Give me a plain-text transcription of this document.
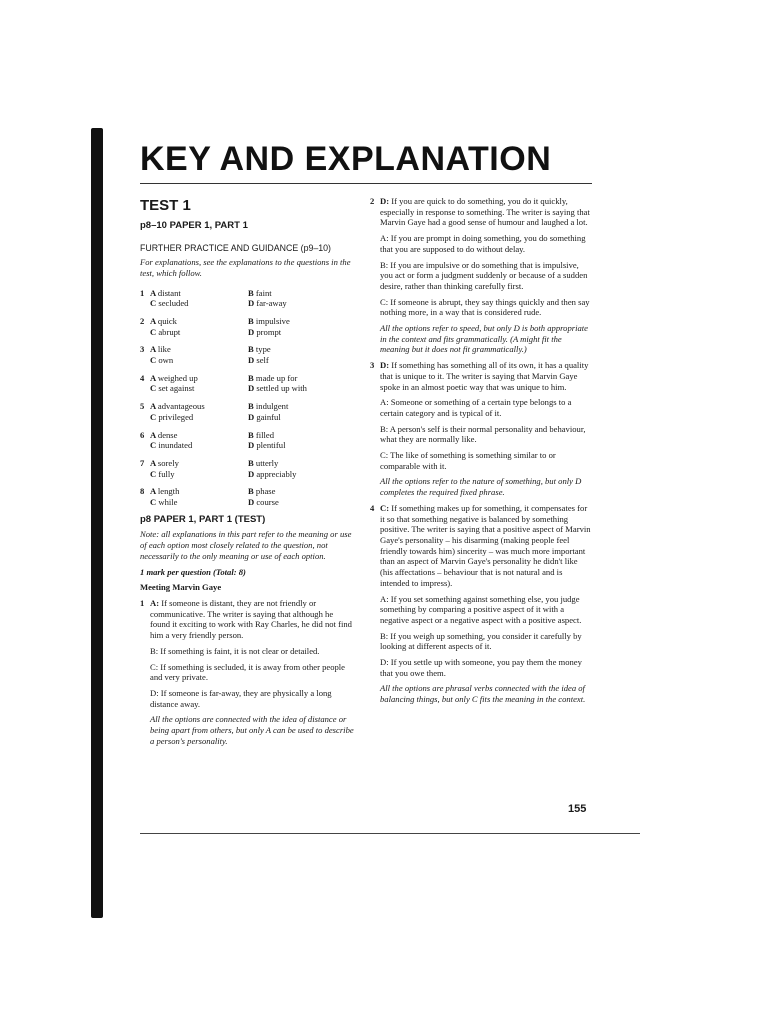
KEY AND EXPLANATION
TEST 1
p8–10 PAPER 1, PART 1
FURTHER PRACTICE AND GUIDANCE (p9–10)

For explanations, see the explanations to the questions in the test, which follow.

1 A distant
C secluded
B faint
D far-away
2 A quick
C abrupt
B impulsive
D prompt
3 A like
C own
B type
D self
4 A weighed up
C set against
B made up for
D settled up with
5 A advantageous
C privileged
B indulgent
D gainful
6 A dense
C inundated
B filled
D plentiful
7 A sorely
C fully
B utterly
D appreciably
8 A length
C while
B phase
D course
p8 PAPER 1, PART 1 (TEST)

Note: all explanations in this part refer to the meaning or use of each option most closely related to the question, not necessarily to the only meaning or use of each option.

1 mark per question (Total: 8)

Meeting Marvin Gaye

1 A: If someone is distant, they are not friendly or communicative. The writer is saying that although he found it exciting to work with Ray Charles, he did not find him a very friendly person.

B: If something is faint, it is not clear or detailed.

C: If something is secluded, it is away from other people and very private.

D: If someone is far-away, they are physically a long distance away.

All the options are connected with the idea of distance or being apart from others, but only A can be used to describe a person's personality.

2 D: If you are quick to do something, you do it quickly, especially in response to something. The writer is saying that Marvin Gaye had a good sense of humour and laughed a lot.

A: If you are prompt in doing something, you do something that you are supposed to do without delay.

B: If you are impulsive or do something that is impulsive, you act or form a judgment suddenly or because of a sudden desire, rather than thinking carefully first.

C: If someone is abrupt, they say things quickly and then say nothing more, in a way that is considered rude.

All the options refer to speed, but only D is both appropriate in the context and fits grammatically. (A might fit the meaning but it does not fit grammatically.)

3 D: If something has something all of its own, it has a quality that is unique to it. The writer is saying that Marvin Gaye spoke in an almost poetic way that was unique to him.

A: Someone or something of a certain type belongs to a certain category and is typical of it.

B: A person's self is their normal personality and behaviour, what they are normally like.

C: The like of something is something similar to or comparable with it.

All the options refer to the nature of something, but only D completes the required fixed phrase.

4 C: If something makes up for something, it compensates for it so that something negative is balanced by something positive. The writer is saying that a positive aspect of Marvin Gaye's personality – his disarming (making people feel friendly towards him) sincerity – was much more important than an aspect of Marvin Gaye's personality he didn't like (his affectations – behaviour that is not natural and is intended to impress).

A: If you set something against something else, you judge something by comparing a positive aspect of it with a negative aspect or a negative aspect with a positive aspect.

B: If you weigh up something, you consider it carefully by looking at different aspects of it.

D: If you settle up with someone, you pay them the money that you owe them.

All the options are phrasal verbs connected with the idea of balancing things, but only C fits the meaning in the context.

155
